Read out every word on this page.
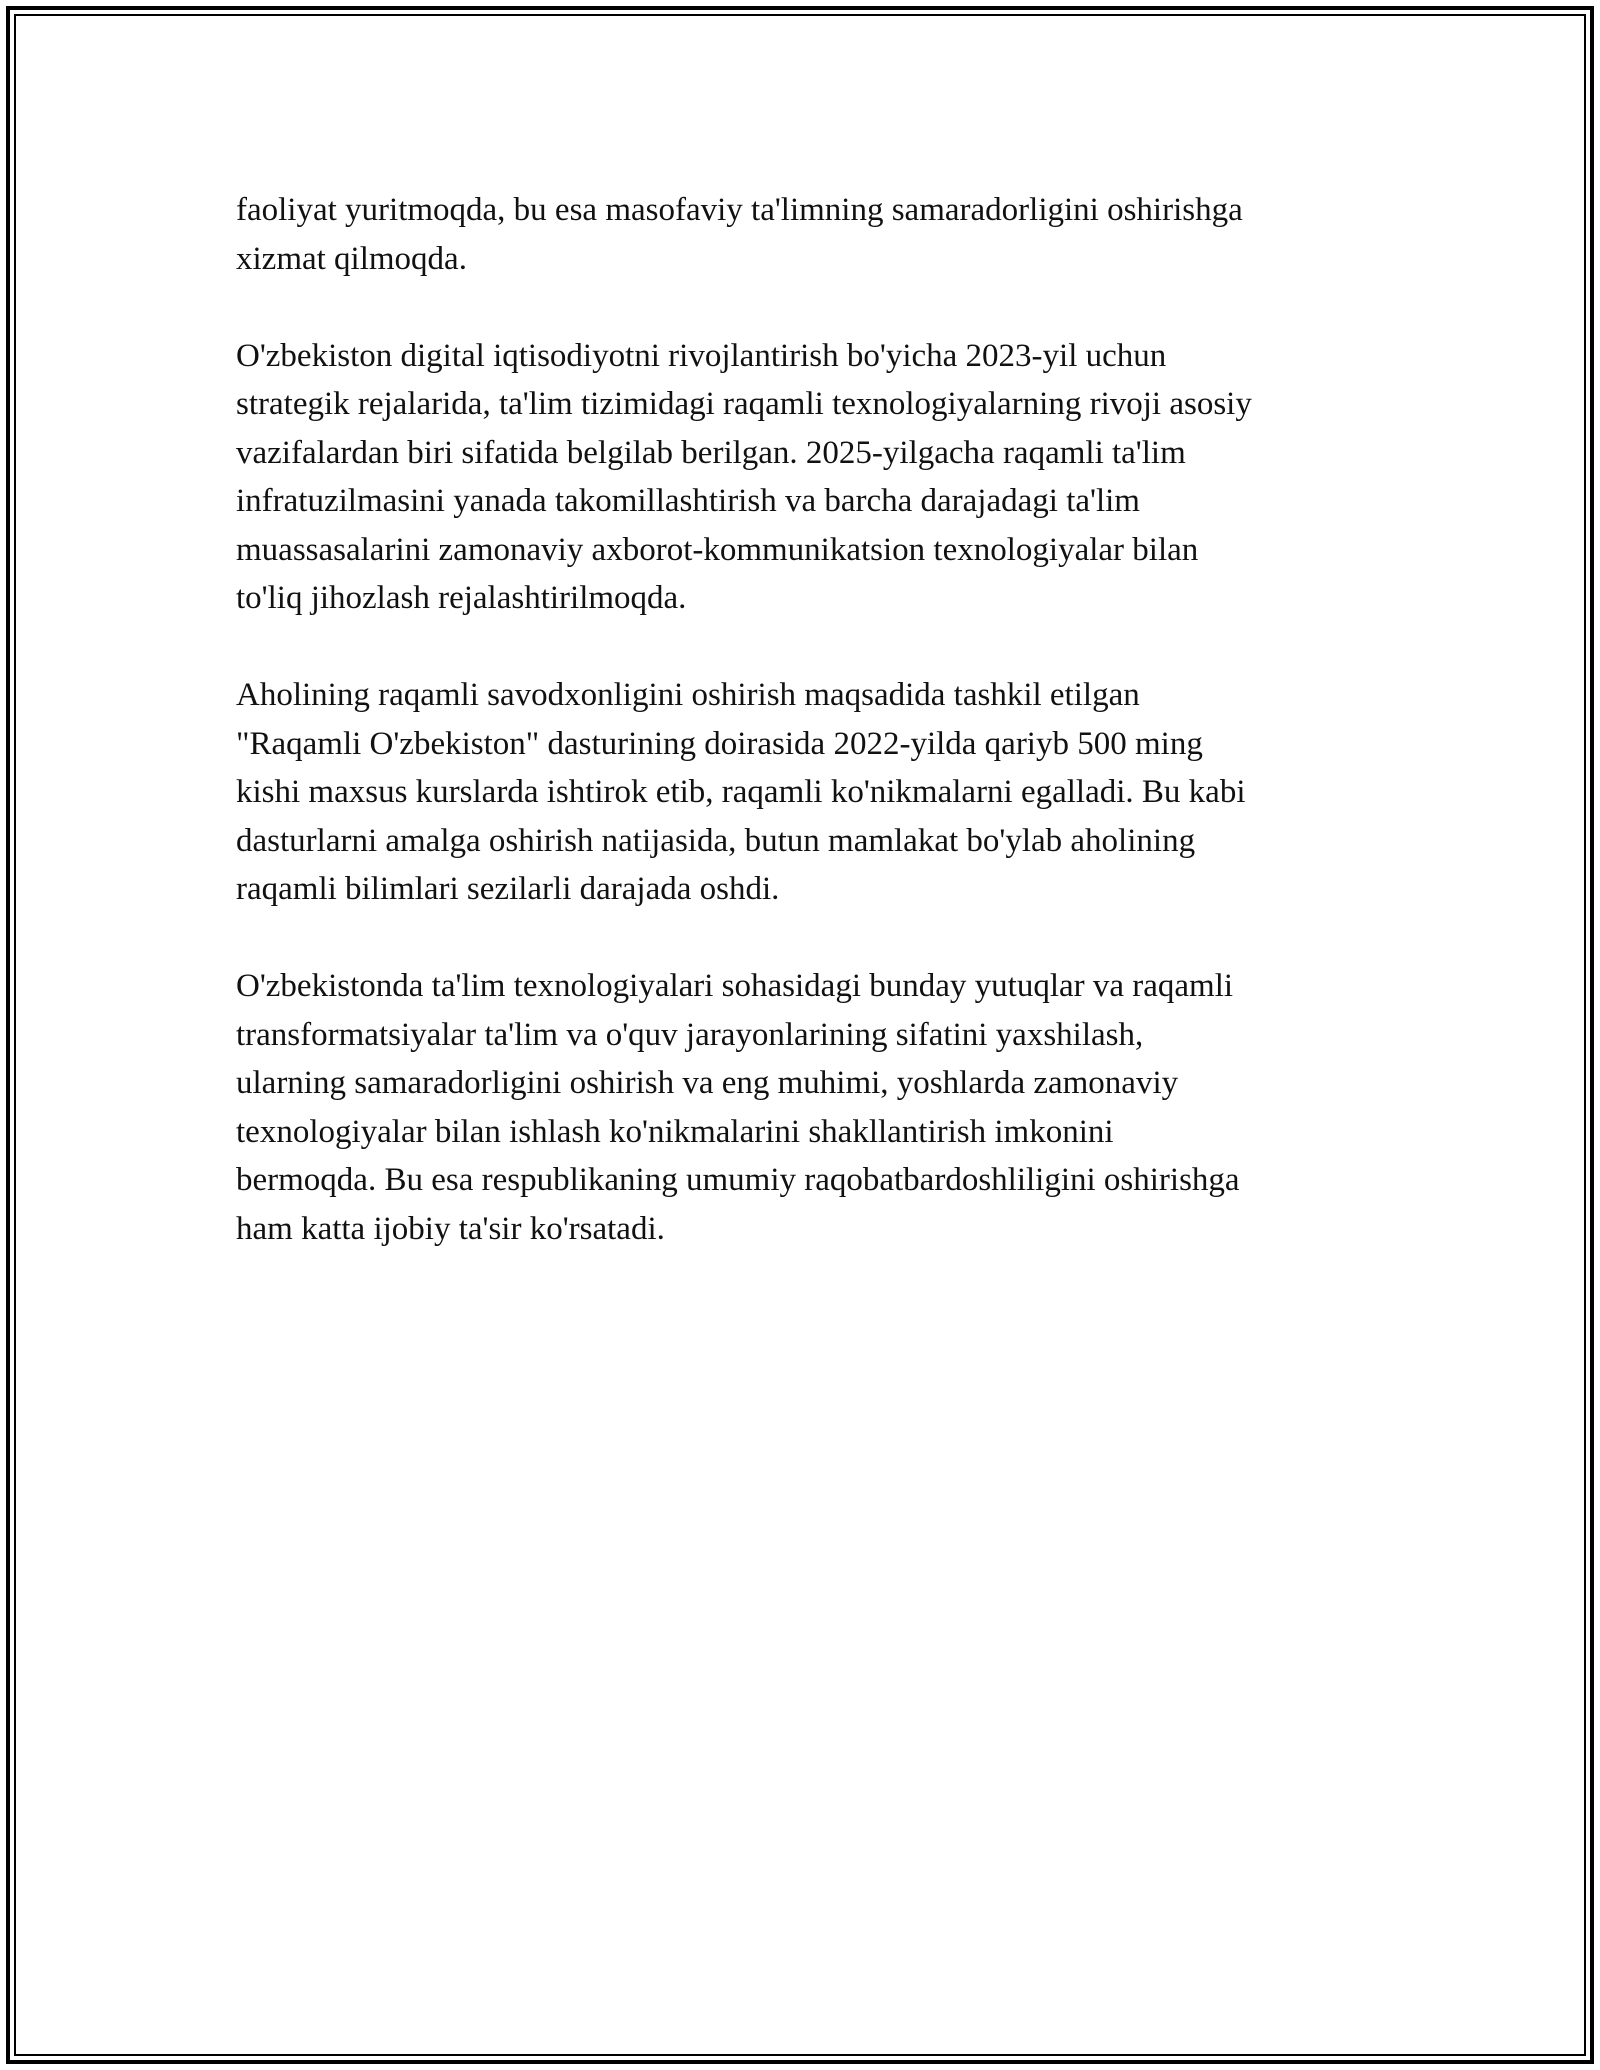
faoliyat yuritmoqda, bu esa masofaviy ta'limning samaradorligini oshirishga
xizmat qilmoqda.

O'zbekiston digital iqtisodiyotni rivojlantirish bo'yicha 2023-yil uchun
strategik rejalarida, ta'lim tizimidagi raqamli texnologiyalarning rivoji asosiy
vazifalardan biri sifatida belgilab berilgan. 2025-yilgacha raqamli ta'lim
infratuzilmasini yanada takomillashtirish va barcha darajadagi ta'lim
muassasalarini zamonaviy axborot-kommunikatsion texnologiyalar bilan
to'liq jihozlash rejalashtirilmoqda.

Aholining raqamli savodxonligini oshirish maqsadida tashkil etilgan
"Raqamli O'zbekiston" dasturining doirasida 2022-yilda qariyb 500 ming
kishi maxsus kurslarda ishtirok etib, raqamli ko'nikmalarni egalladi. Bu kabi
dasturlarni amalga oshirish natijasida, butun mamlakat bo'ylab aholining
raqamli bilimlari sezilarli darajada oshdi.

O'zbekistonda ta'lim texnologiyalari sohasidagi bunday yutuqlar va raqamli
transformatsiyalar ta'lim va o'quv jarayonlarining sifatini yaxshilash,
ularning samaradorligini oshirish va eng muhimi, yoshlarda zamonaviy
texnologiyalar bilan ishlash ko'nikmalarini shakllantirish imkonini
bermoqda. Bu esa respublikaning umumiy raqobatbardoshliligini oshirishga
ham katta ijobiy ta'sir ko'rsatadi.
